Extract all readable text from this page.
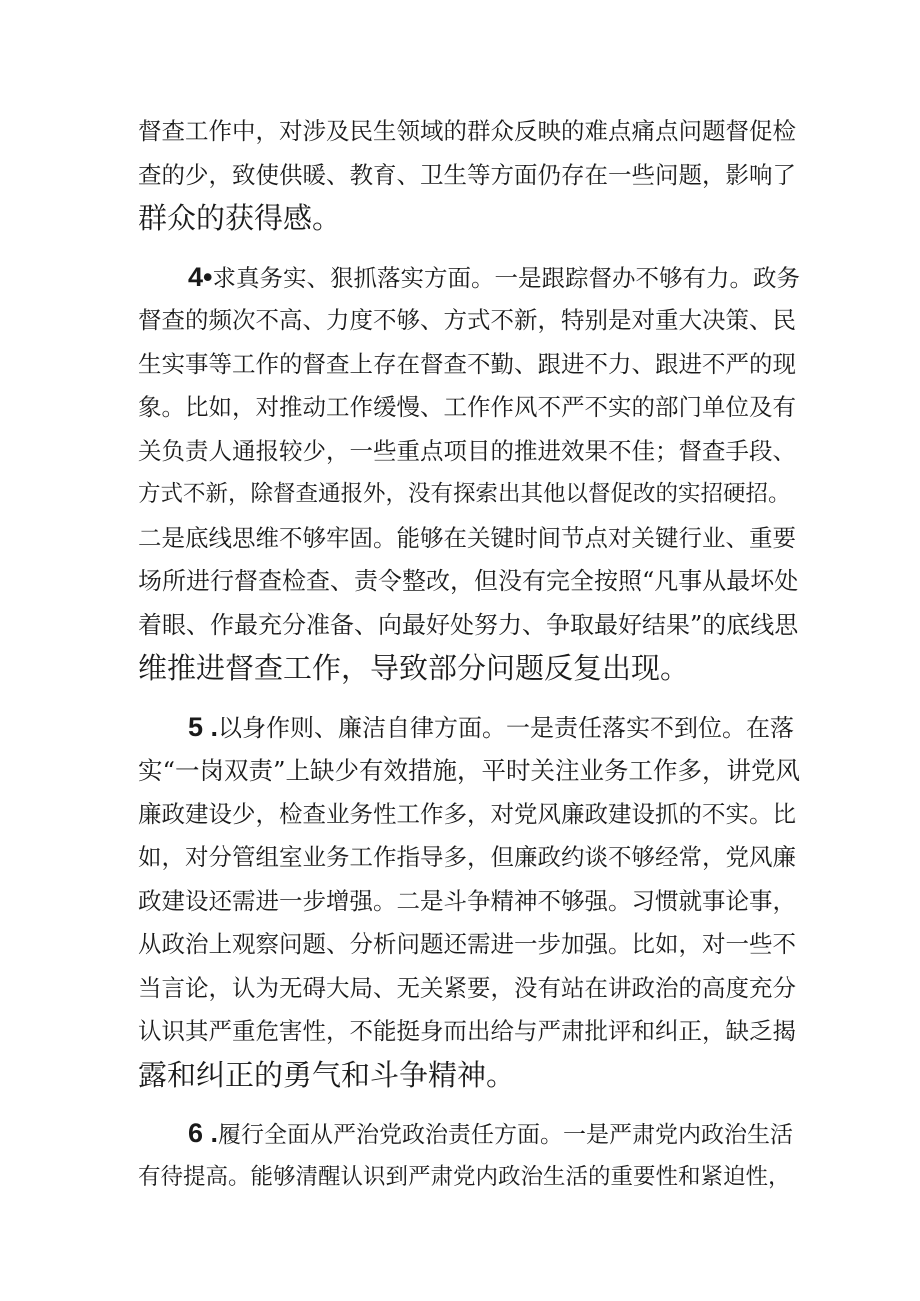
督查工作中，对涉及民生领域的群众反映的难点痛点问题督促检
查的少，致使供暖、教育、卫生等方面仍存在一些问题，影响了
群众的获得感。
4•求真务实、狠抓落实方面。一是跟踪督办不够有力。政务
督查的频次不高、力度不够、方式不新，特别是对重大决策、民
生实事等工作的督查上存在督查不勤、跟进不力、跟进不严的现
象。比如，对推动工作缓慢、工作作风不严不实的部门单位及有
关负责人通报较少，一些重点项目的推进效果不佳；督查手段、
方式不新，除督查通报外，没有探索出其他以督促改的实招硬招。
二是底线思维不够牢固。能够在关键时间节点对关键行业、重要
场所进行督查检查、责令整改，但没有完全按照“凡事从最坏处
着眼、作最充分准备、向最好处努力、争取最好结果”的底线思
维推进督查工作，导致部分问题反复出现。
5 .以身作则、廉洁自律方面。一是责任落实不到位。在落
实“一岗双责”上缺少有效措施，平时关注业务工作多，讲党风
廉政建设少，检查业务性工作多，对党风廉政建设抓的不实。比
如，对分管组室业务工作指导多，但廉政约谈不够经常，党风廉
政建设还需进一步增强。二是斗争精神不够强。习惯就事论事，
从政治上观察问题、分析问题还需进一步加强。比如，对一些不
当言论，认为无碍大局、无关紧要，没有站在讲政治的高度充分
认识其严重危害性，不能挺身而出给与严肃批评和纠正，缺乏揭
露和纠正的勇气和斗争精神。
6 .履行全面从严治党政治责任方面。一是严肃党内政治生活
有待提高。能够清醒认识到严肃党内政治生活的重要性和紧迫性，
